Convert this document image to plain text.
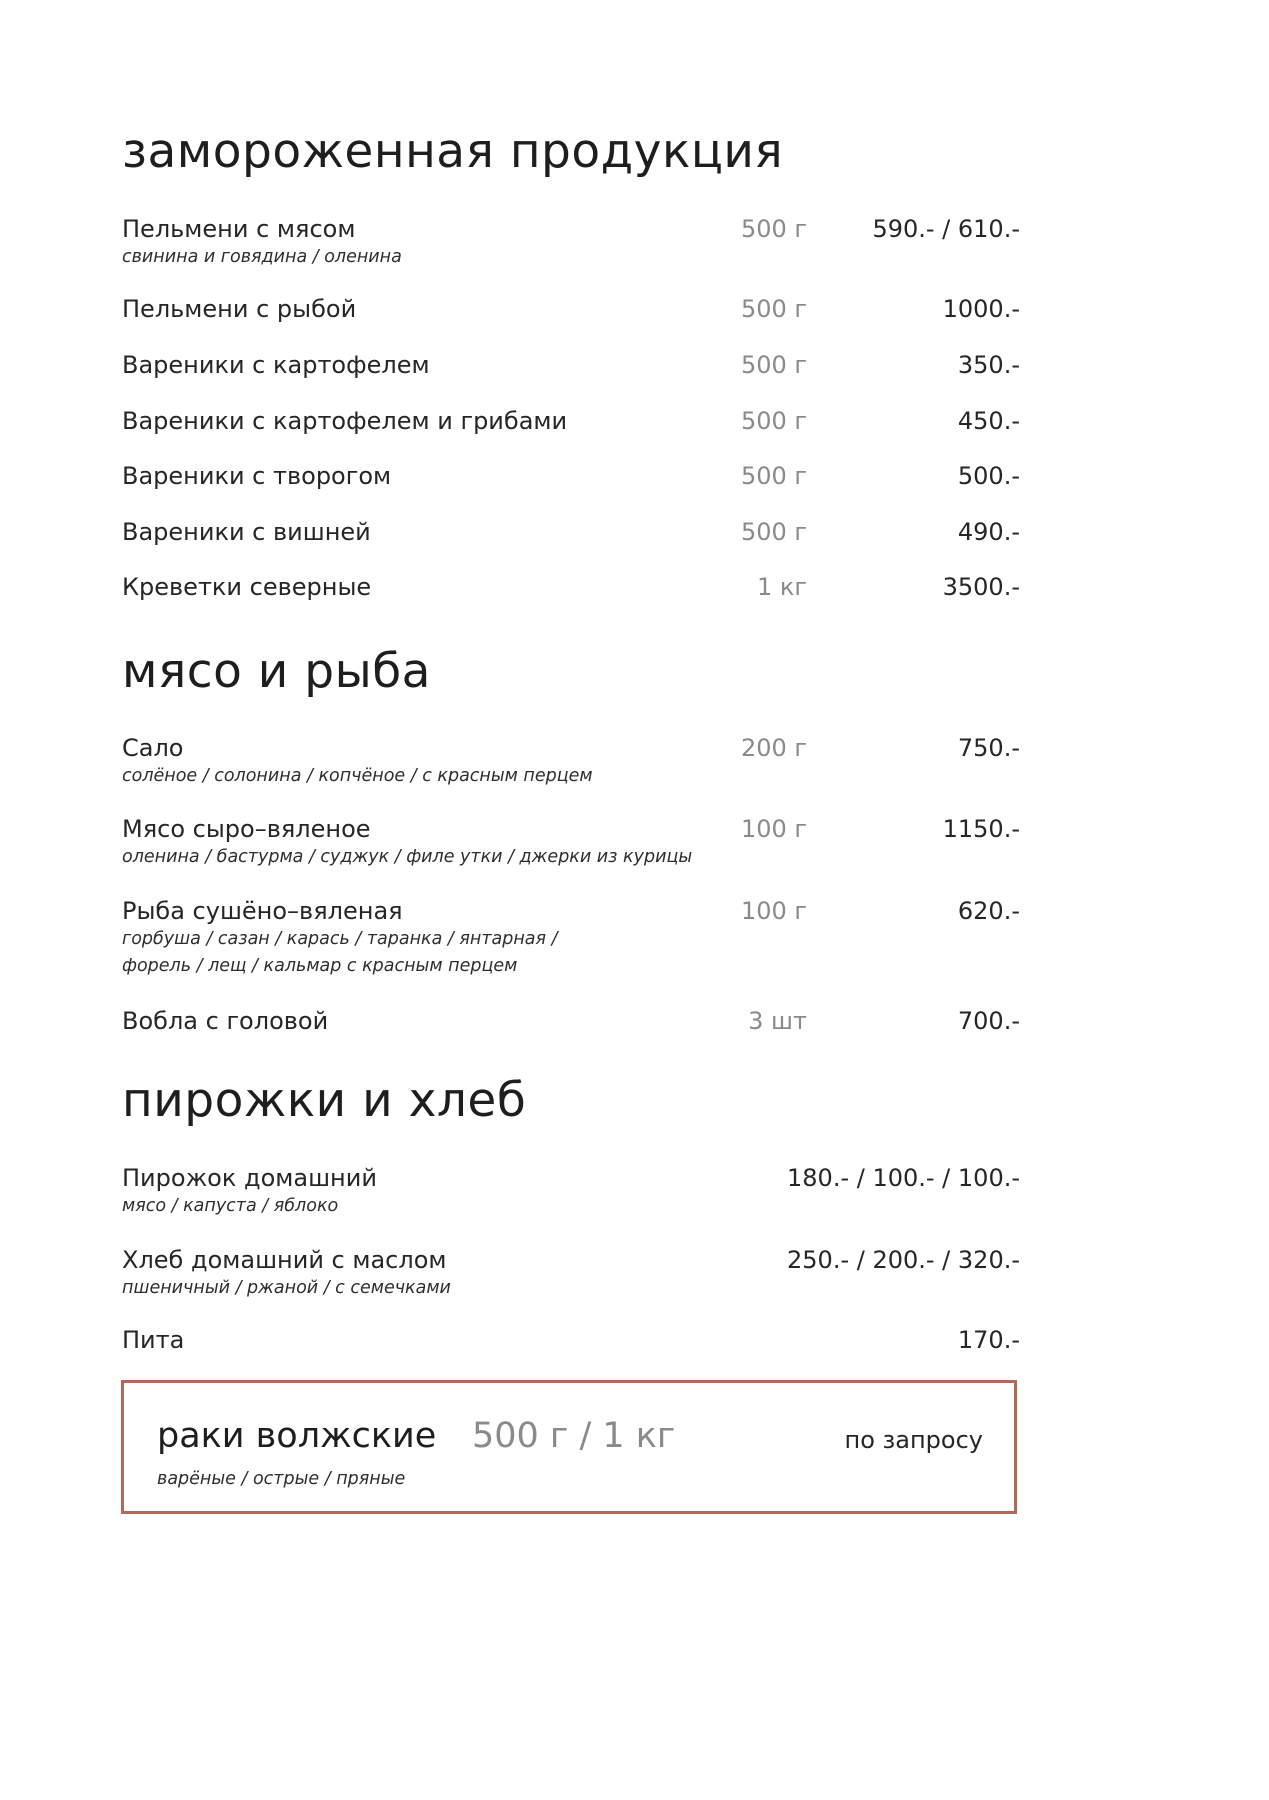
замороженная продукция
Пельмени с мясом
свинина и говядина / оленина
500 г	590.- / 610.-
Пельмени с рыбой	500 г	1000.-
Вареники с картофелем	500 г	350.-
Вареники с картофелем и грибами	500 г	450.-
Вареники с творогом	500 г	500.-
Вареники с вишней	500 г	490.-
Креветки северные	1 кг	3500.-
мясо и рыба
Сало
солёное / солонина / копчёное / с красным перцем
200 г	750.-
Мясо сыро–вяленое
оленина / бастурма / суджук / филе утки / джерки из курицы
100 г	1150.-
Рыба сушёно–вяленая
горбуша / сазан / карась / таранка / янтарная /
форель / лещ / кальмар с красным перцем
100 г	620.-
Вобла с головой	3 шт	700.-
пирожки и хлеб
Пирожок домашний
мясо / капуста / яблоко
180.- / 100.- / 100.-
Хлеб домашний с маслом
пшеничный / ржаной / с семечками
250.- / 200.- / 320.-
Пита	170.-
раки волжские 500 г / 1 кг	по запросу
варёные / острые / пряные
